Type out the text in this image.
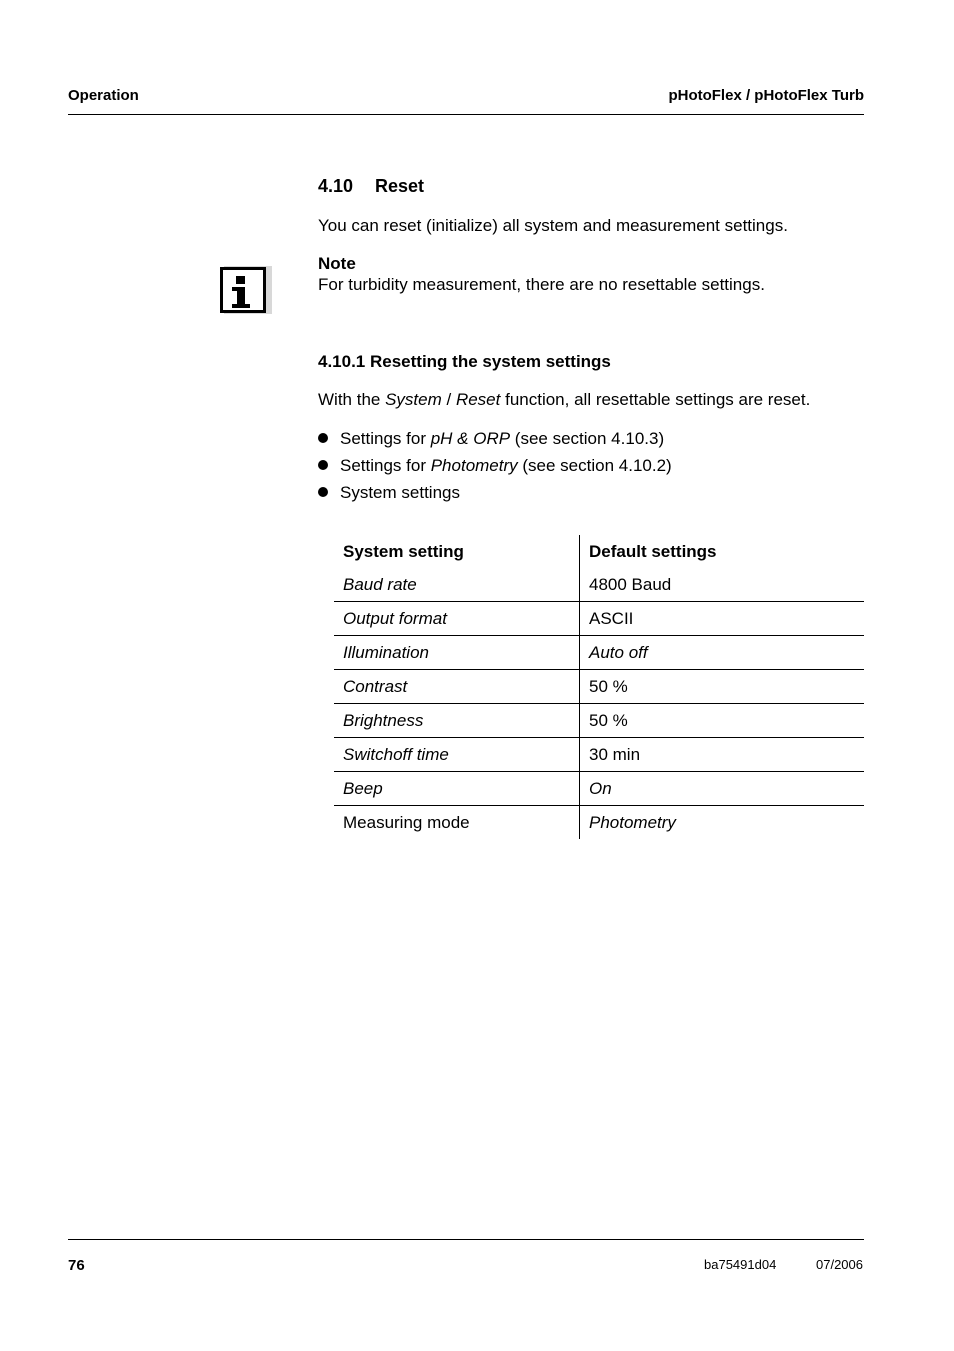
Operation	pHotoFlex / pHotoFlex Turb
4.10 Reset
You can reset (initialize) all system and measurement settings.
Note
For turbidity measurement, there are no resettable settings.
4.10.1 Resetting the system settings
With the System / Reset function, all resettable settings are reset.
Settings for pH & ORP (see section 4.10.3)
Settings for Photometry (see section 4.10.2)
System settings
System setting	Default settings
Baud rate	4800 Baud
Output format	ASCII
Illumination	Auto off
Contrast	50 %
Brightness	50 %
Switchoff time	30 min
Beep	On
Measuring mode	Photometry
76	ba75491d04	07/2006
